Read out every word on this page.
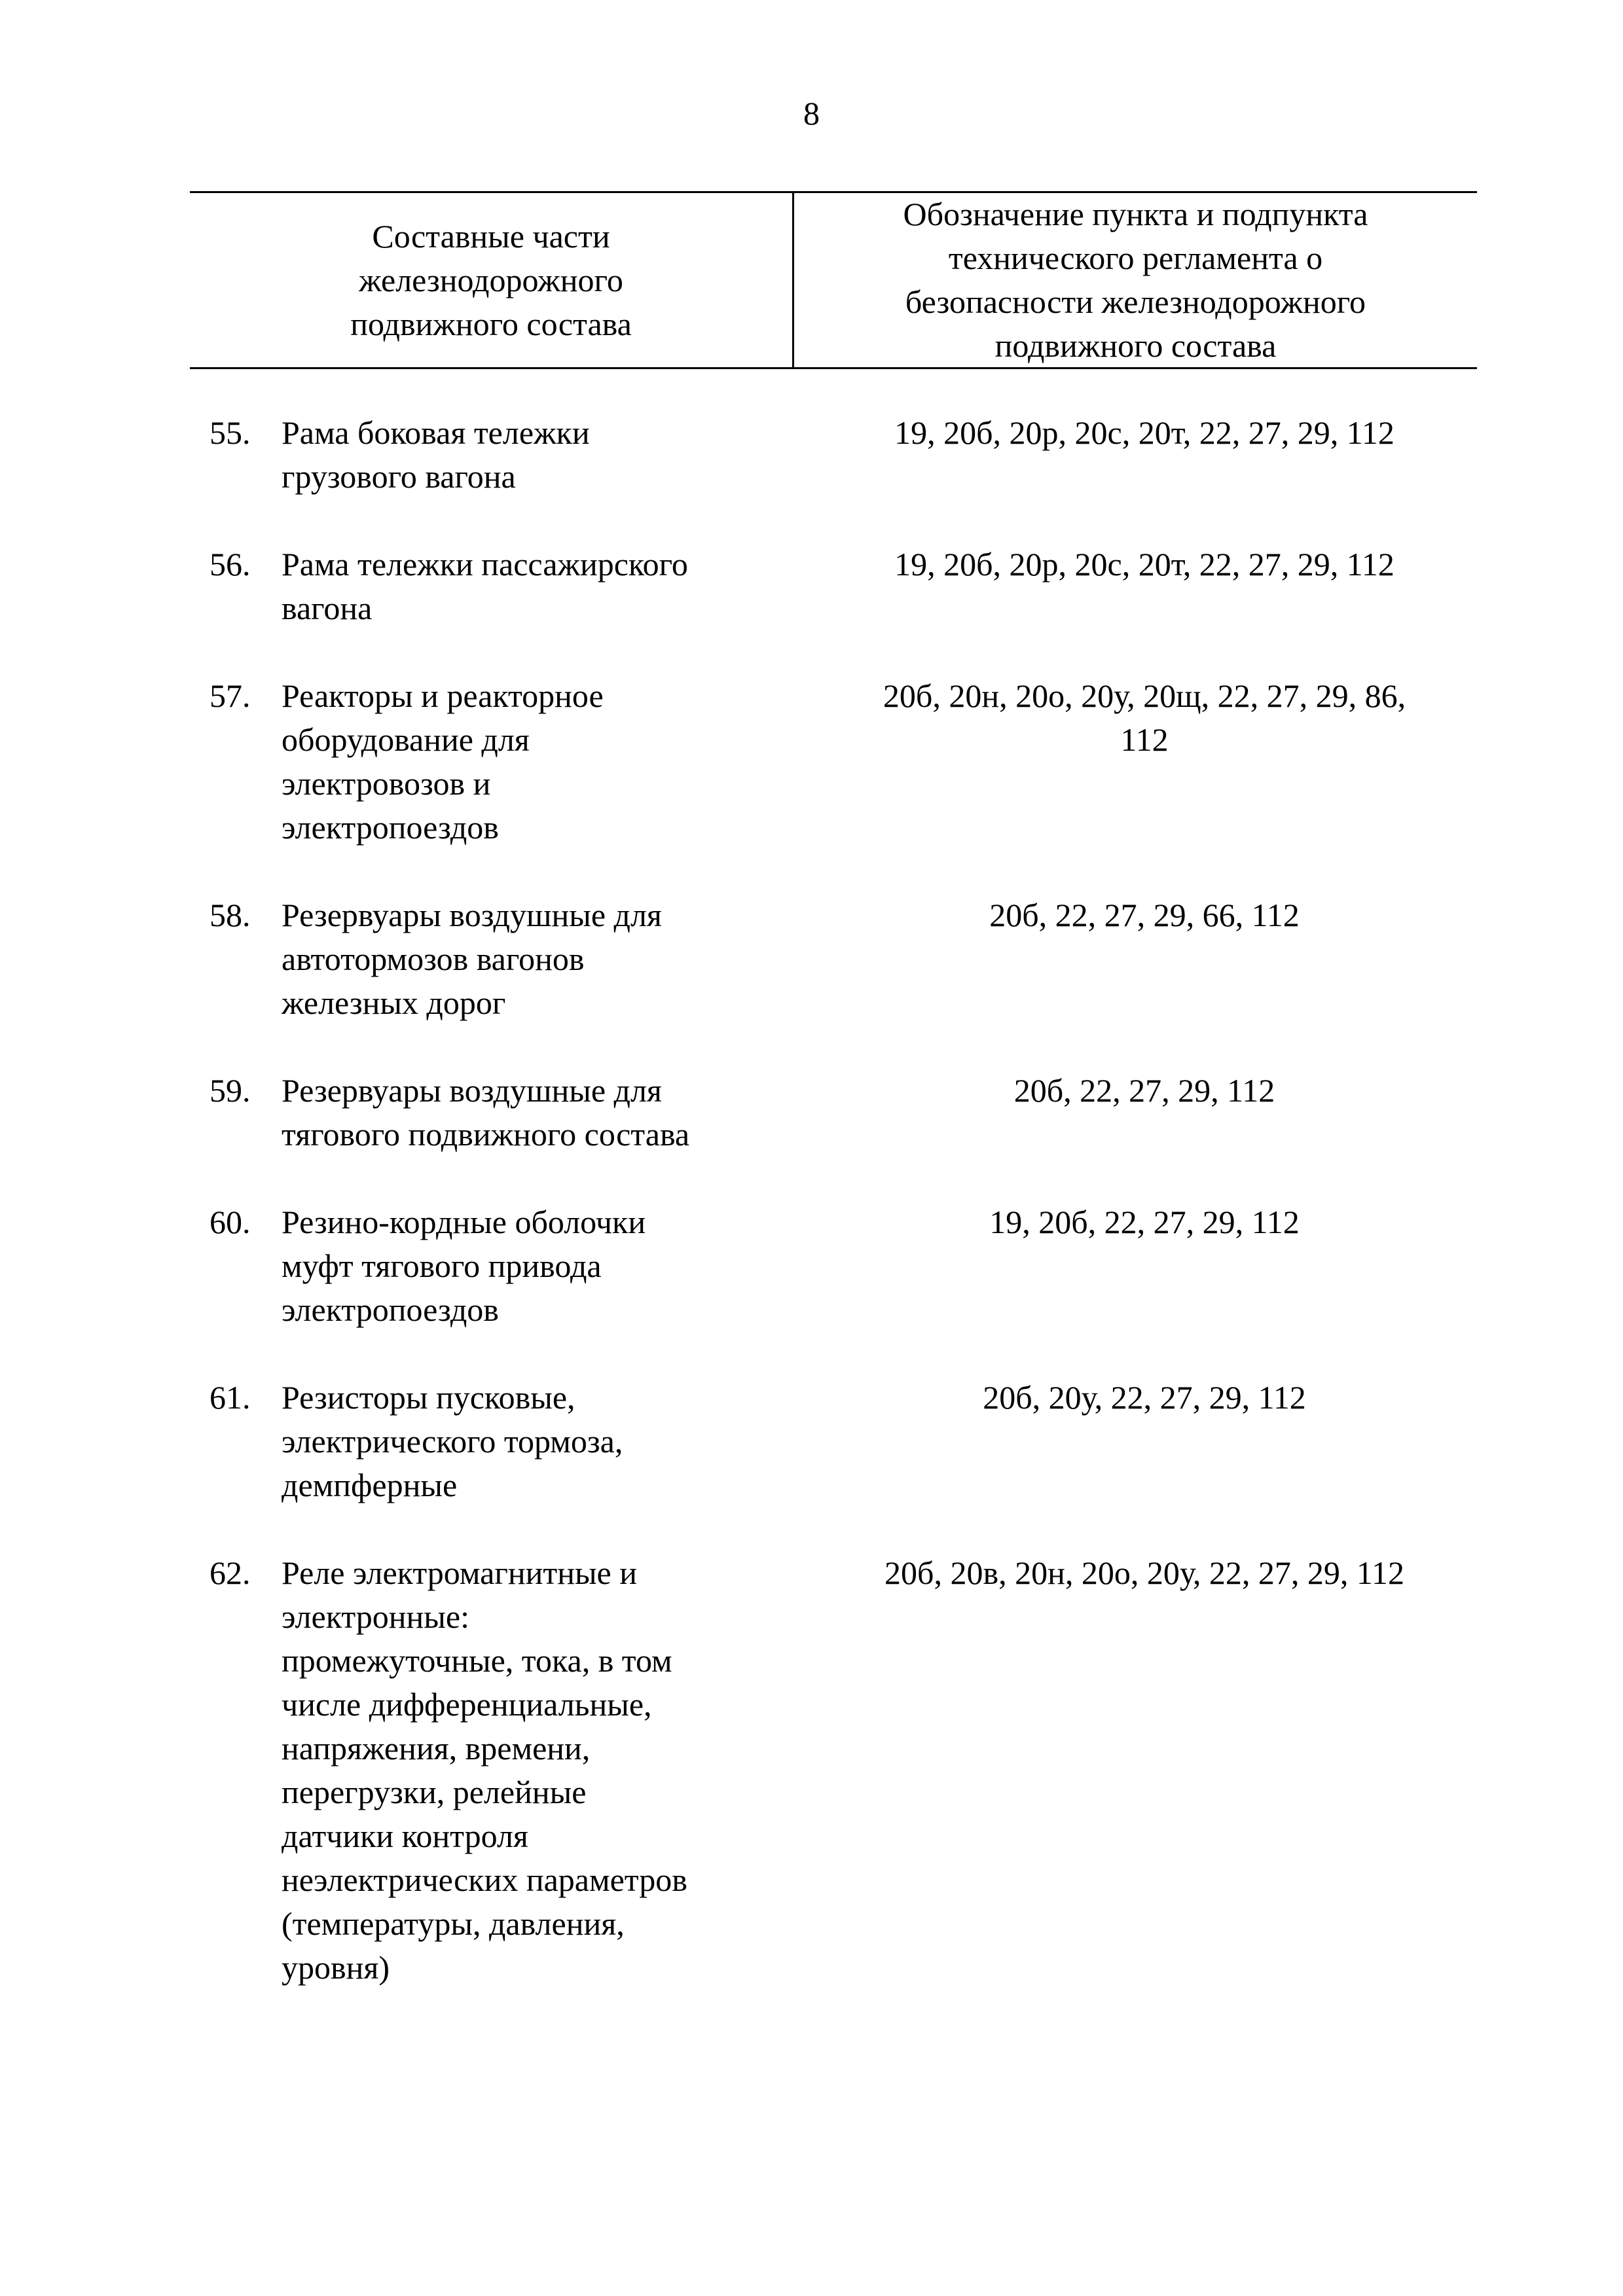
8
Составные части
железнодорожного
подвижного состава
Обозначение пункта и подпункта
технического регламента о
безопасности железнодорожного
подвижного состава
55. Рама боковая тележки
грузового вагона
19, 20б, 20р, 20с, 20т, 22, 27, 29, 112
56. Рама тележки пассажирского
вагона
19, 20б, 20р, 20с, 20т, 22, 27, 29, 112
57. Реакторы и реакторное
оборудование для
электровозов и
электропоездов
20б, 20н, 20о, 20у, 20щ, 22, 27, 29, 86,
112
58. Резервуары воздушные для
автотормозов вагонов
железных дорог
20б, 22, 27, 29, 66, 112
59. Резервуары воздушные для
тягового подвижного состава
20б, 22, 27, 29, 112
60. Резино-кордные оболочки
муфт тягового привода
электропоездов
19, 20б, 22, 27, 29, 112
61. Резисторы пусковые,
электрического тормоза,
демпферные
20б, 20у, 22, 27, 29, 112
62. Реле электромагнитные и
электронные:
промежуточные, тока, в том
числе дифференциальные,
напряжения, времени,
перегрузки, релейные
датчики контроля
неэлектрических параметров
(температуры, давления,
уровня)
20б, 20в, 20н, 20о, 20у, 22, 27, 29, 112
